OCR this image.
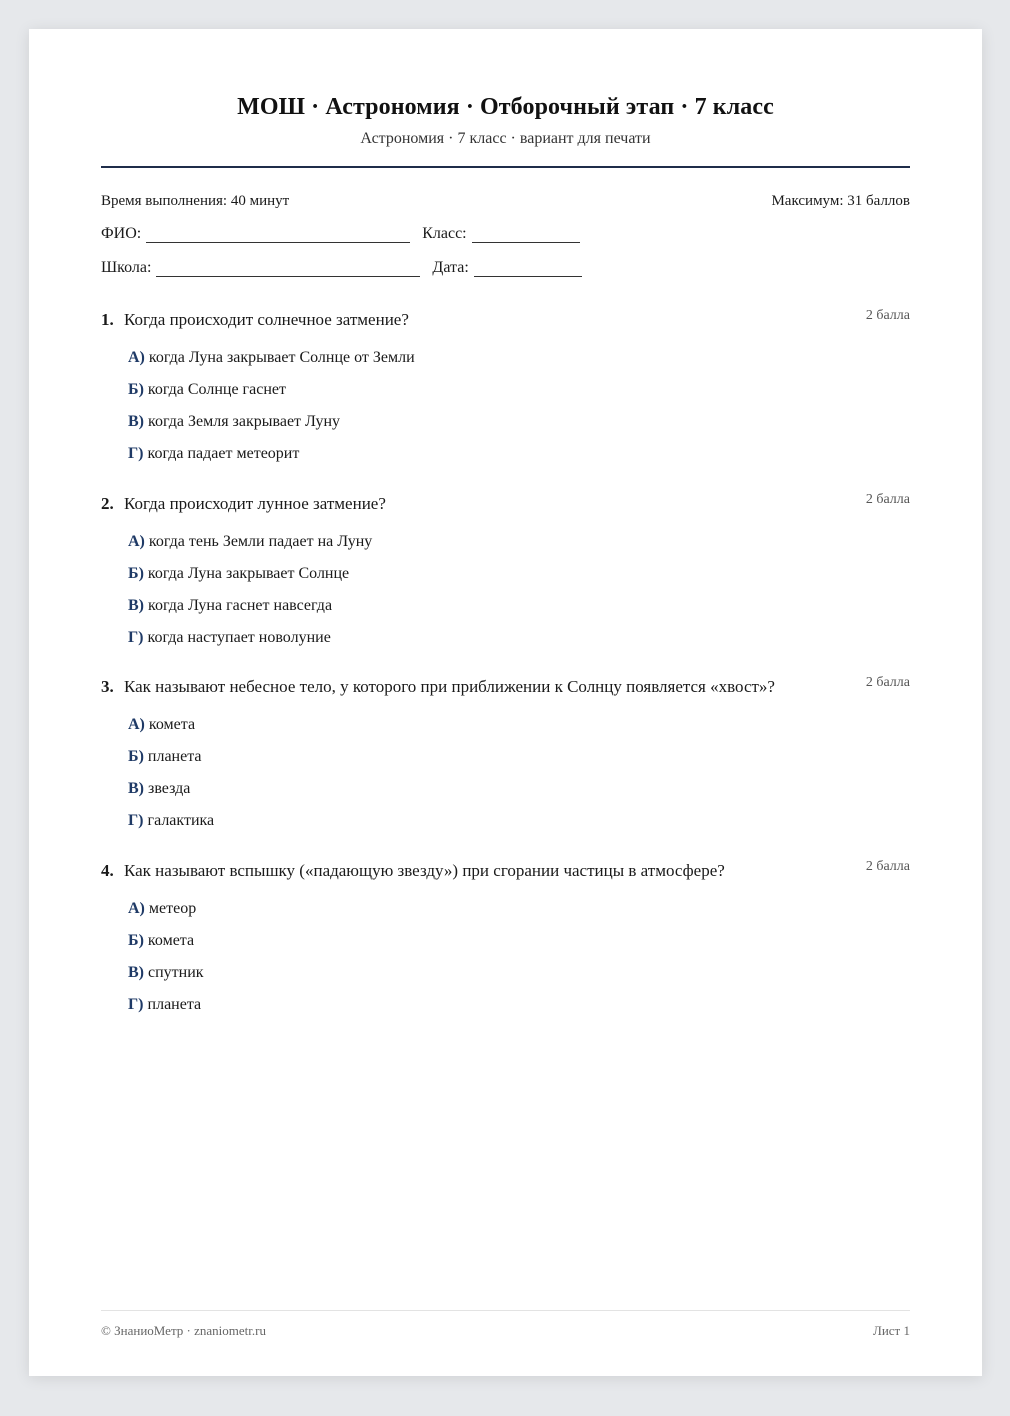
МОШ · Астрономия · Отборочный этап · 7 класс
Астрономия · 7 класс · вариант для печати
Время выполнения: 40 минут	Максимум: 31 баллов
ФИО:	Класс:
Школа:	Дата:
1. Когда происходит солнечное затмение?	2 балла
А) когда Луна закрывает Солнце от Земли
Б) когда Солнце гаснет
В) когда Земля закрывает Луну
Г) когда падает метеорит
2. Когда происходит лунное затмение?	2 балла
А) когда тень Земли падает на Луну
Б) когда Луна закрывает Солнце
В) когда Луна гаснет навсегда
Г) когда наступает новолуние
3. Как называют небесное тело, у которого при приближении к Солнцу появляется «хвост»?	2 балла
А) комета
Б) планета
В) звезда
Г) галактика
4. Как называют вспышку («падающую звезду») при сгорании частицы в атмосфере?	2 балла
А) метеор
Б) комета
В) спутник
Г) планета
© ЗнаниоМетр · znaniometr.ru	Лист 1
